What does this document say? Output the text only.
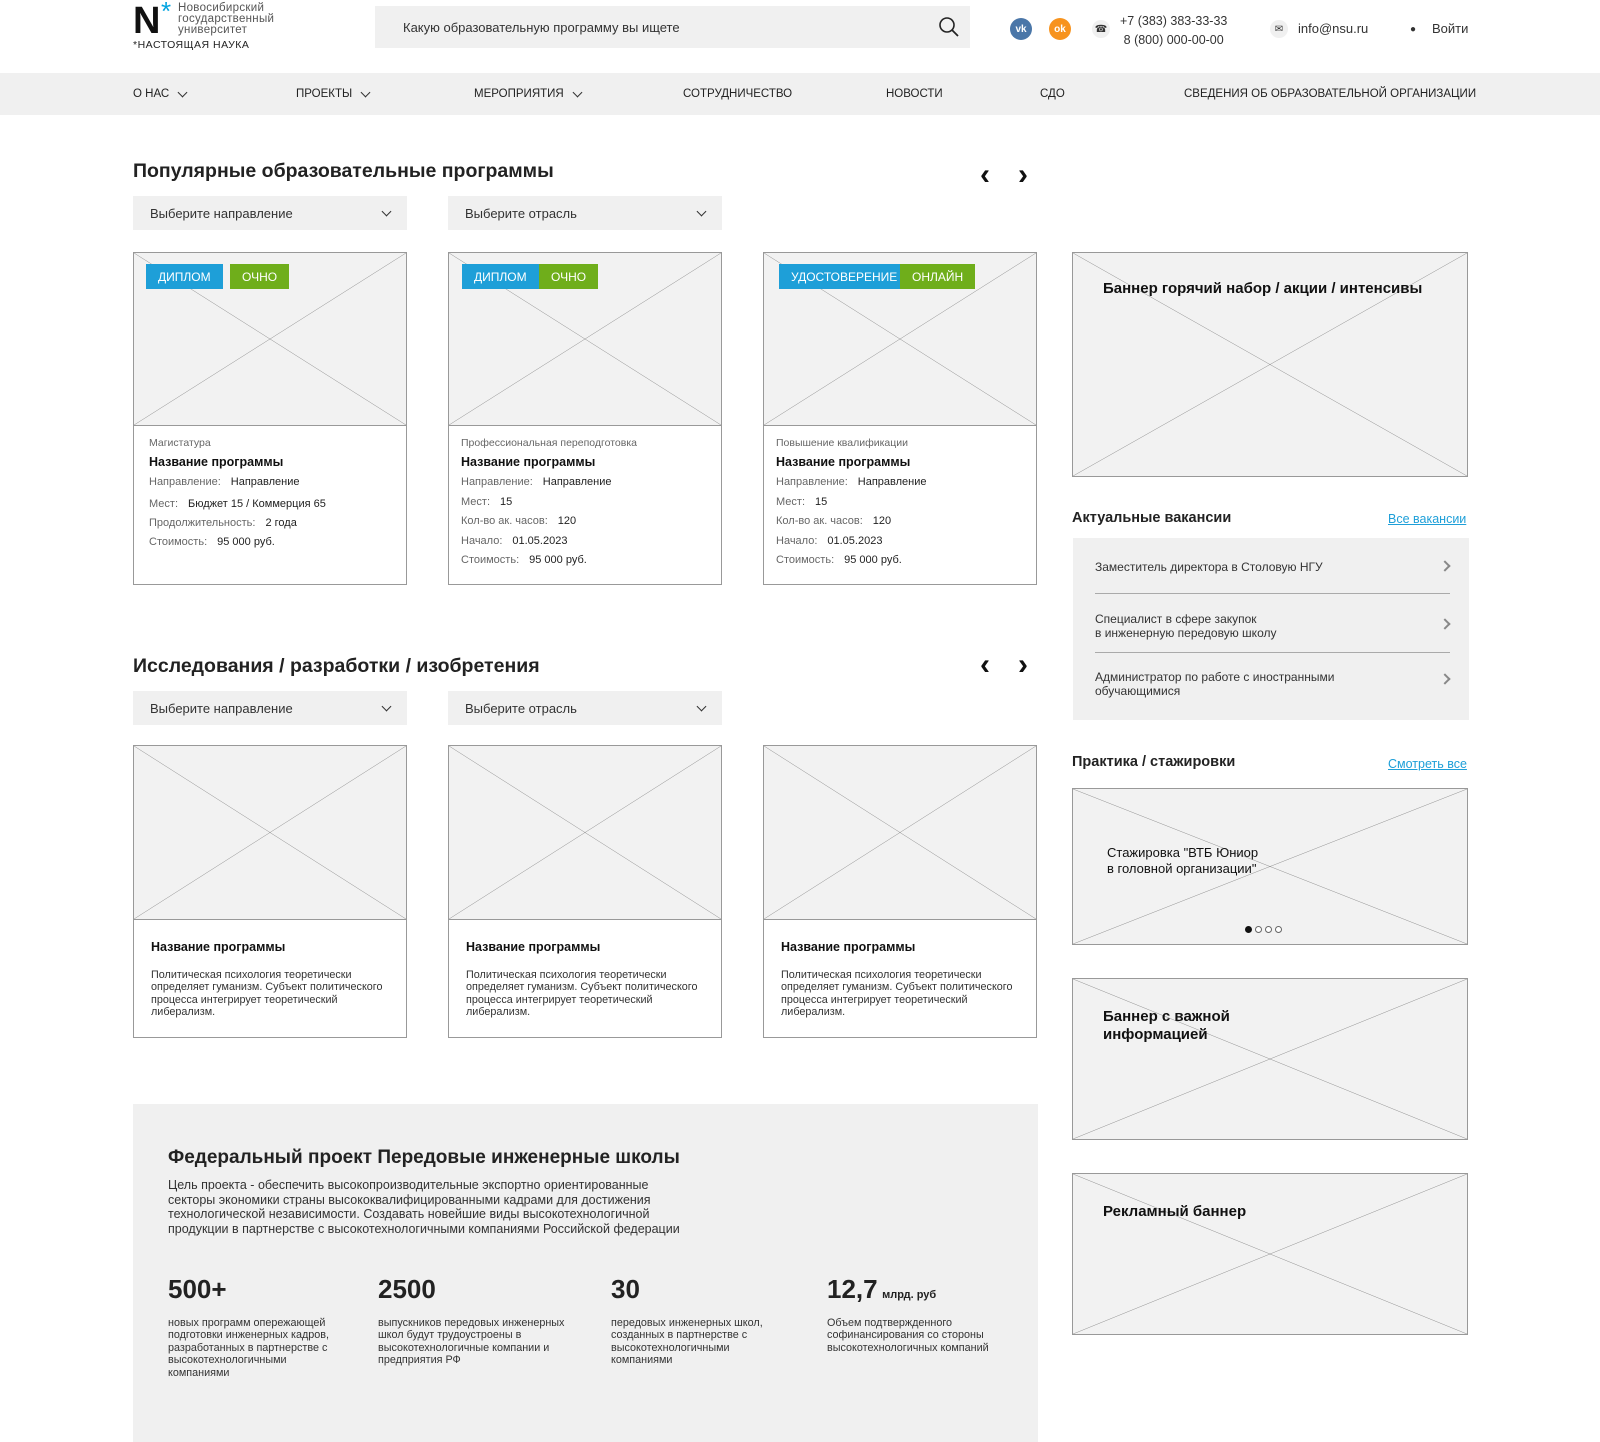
N * Новосибирский государственный университет
*НАСТОЯЩАЯ НАУКА
Какую образовательную программу вы ищете	vk	ok	☎
+7 (383) 383-33-33
8 (800) 000-00-00
✉	info@nsu.ru	●	Войти
О НАС	ПРОЕКТЫ	МЕРОПРИЯТИЯ	СОТРУДНИЧЕСТВО	НОВОСТИ	СДО	СВЕДЕНИЯ ОБ ОБРАЗОВАТЕЛЬНОЙ ОРГАНИЗАЦИИ
Популярные образовательные программы	‹ ›
Выберите направление	Выберите отрасль
ДИПЛОМ	ОЧНО
Магистатура
Название программы
Направление: Направление
Мест: Бюджет 15 / Коммерция 65
Продолжительность: 2 года
Стоимость: 95 000 руб.
ДИПЛОМ	ОЧНО
Профессиональная переподготовка
Название программы
Направление: Направление
Мест: 15
Кол-во ак. часов: 120
Начало: 01.05.2023
Стоимость: 95 000 руб.
УДОСТОВЕРЕНИЕ	ОНЛАЙН
Повышение квалификации
Название программы
Направление: Направление
Мест: 15
Кол-во ак. часов: 120
Начало: 01.05.2023
Стоимость: 95 000 руб.
Исследования / разработки / изобретения	‹ ›
Выберите направление	Выберите отрасль
Название программы
Политическая психология теоретически определяет гуманизм. Субъект политического процесса интегрирует теоретический либерализм.
Название программы
Политическая психология теоретически определяет гуманизм. Субъект политического процесса интегрирует теоретический либерализм.
Название программы
Политическая психология теоретически определяет гуманизм. Субъект политического процесса интегрирует теоретический либерализм.
Баннер горячий набор / акции / интенсивы
Актуальные вакансии	Все вакансии
Заместитель директора в Столовую НГУ
Специалист в сфере закупок
в инженерную передовую школу
Администратор по работе с иностранными
обучающимися
Практика / стажировки	Смотреть все
Стажировка "ВТБ Юниор
в головной организации"
Баннер с важной
информацией
Рекламный баннер
Федеральный проект Передовые инженерные школы
Цель проекта - обеспечить высокопроизводительные экспортно ориентированные секторы экономики страны высококвалифицированными кадрами для достижения технологической независимости. Создавать новейшие виды высокотехнологичной продукции в партнерстве с высокотехнологичными компаниями Российской федерации
500+
новых программ опережающей подготовки инженерных кадров, разработанных в партнерстве с высокотехнологичными компаниями
2500
выпускников передовых инженерных школ будут трудоустроены в высокотехнологичные компании и предприятия РФ
30
передовых инженерных школ, созданных в партнерстве с высокотехнологичными компаниями
12,7 млрд. руб
Объем подтвержденного софинансирования со стороны высокотехнологичных компаний
